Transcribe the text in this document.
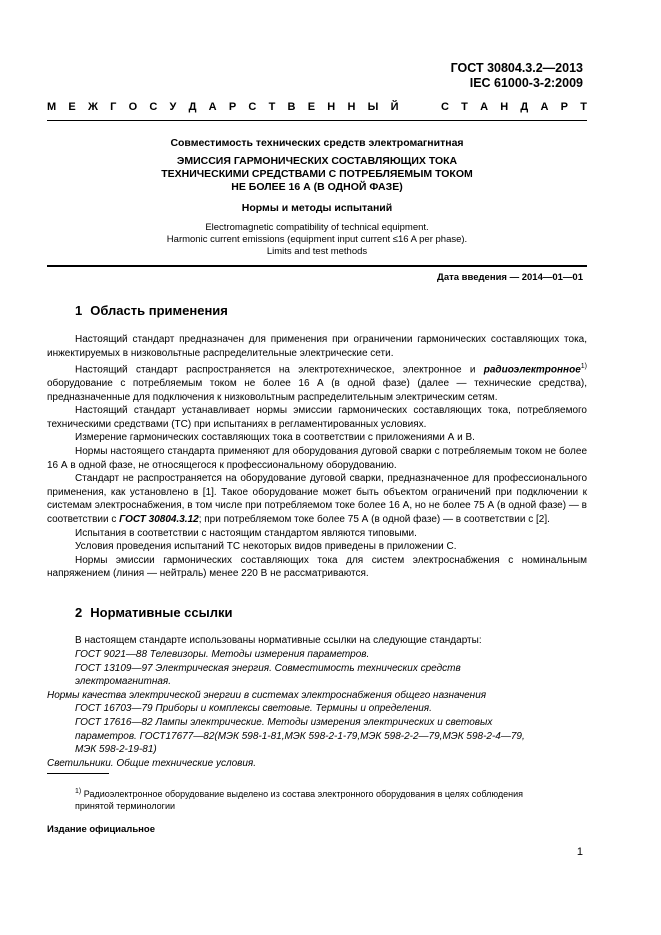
ГОСТ 30804.3.2—2013
IEC 61000-3-2:2009
М Е Ж Г О С У Д А Р С Т В Е Н Н Ы Й	С Т А Н Д А Р Т
Совместимость технических средств электромагнитная
ЭМИССИЯ ГАРМОНИЧЕСКИХ СОСТАВЛЯЮЩИХ ТОКА
ТЕХНИЧЕСКИМИ СРЕДСТВАМИ С ПОТРЕБЛЯЕМЫМ ТОКОМ
НЕ БОЛЕЕ 16 А (В ОДНОЙ ФАЗЕ)
Нормы и методы испытаний
Electromagnetic compatibility of technical equipment.
Harmonic current emissions (equipment input current ≤16 A per phase).
Limits and test methods
Дата введения — 2014—01—01
1 Область применения

Настоящий стандарт предназначен для применения при ограничении гармонических составляющих тока, инжектируемых в низковольтные распределительные электрические сети.

Настоящий стандарт распространяется на электротехническое, электронное и радиоэлектронное$^{1)}$ оборудование с потребляемым током не более 16 А (в одной фазе) (далее — технические средства), предназначенные для подключения к низковольтным распределительным электрическим сетям.

Настоящий стандарт устанавливает нормы эмиссии гармонических составляющих тока, потребляемого техническими средствами (ТС) при испытаниях в регламентированных условиях.

Измерение гармонических составляющих тока в соответствии с приложениями А и В.

Нормы настоящего стандарта применяют для оборудования дуговой сварки с потребляемым током не более 16 А в одной фазе, не относящегося к профессиональному оборудованию.

Стандарт не распространяется на оборудование дуговой сварки, предназначенное для профессионального применения, как установлено в [1]. Такое оборудование может быть объектом ограничений при подключении к системам электроснабжения, в том числе при потребляемом токе более 16 А, но не более 75 А (в одной фазе) — в соответствии с ГОСТ 30804.3.12; при потребляемом токе более 75 А (в одной фазе) — в соответствии с [2].

Испытания в соответствии с настоящим стандартом являются типовыми.

Условия проведения испытаний ТС некоторых видов приведены в приложении С.

Нормы эмиссии гармонических составляющих тока для систем электроснабжения с номинальным напряжением (линия — нейтраль) менее 220 В не рассматриваются.

2 Нормативные ссылки

В настоящем стандарте использованы нормативные ссылки на следующие стандарты:

ГОСТ 9021—88 Телевизоры. Методы измерения параметров.

ГОСТ 13109—97 Электрическая энергия. Совместимость технических средств

электромагнитная.

Нормы качества электрической энергии в системах электроснабжения общего назначения

ГОСТ 16703—79 Приборы и комплексы световые. Термины и определения.

ГОСТ 17616—82 Лампы электрические. Методы измерения электрических и световых

параметров. ГОСТ17677—82(МЭК 598-1-81,МЭК 598-2-1-79,МЭК 598-2-2—79,МЭК 598-2-4—79,

МЭК 598-2-19-81)

Светильники. Общие технические условия.

$^{1)}$ Радиоэлектронное оборудование выделено из состава электронного оборудования в целях соблюдения
принятой терминологии
Издание официальное
1
